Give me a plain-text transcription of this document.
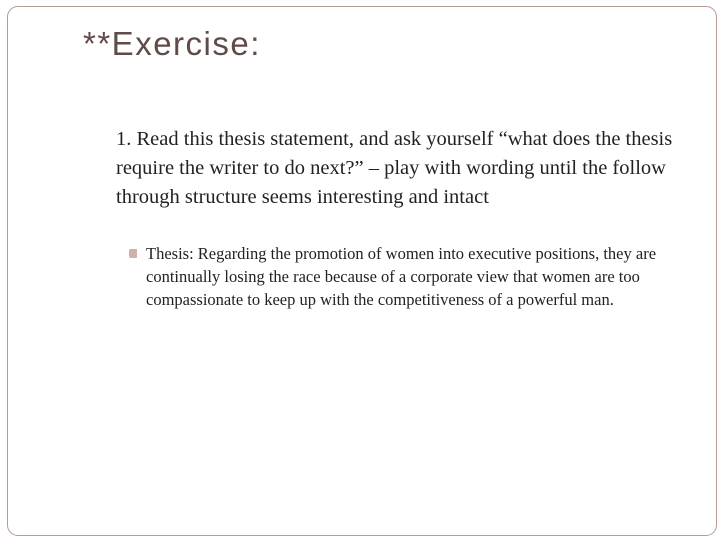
**Exercise:
1. Read this thesis statement, and ask yourself “what does the thesis require the writer to do next?” – play with wording until the follow through structure seems interesting and intact
Thesis: Regarding the promotion of women into executive positions, they are continually losing the race because of a corporate view that women are too compassionate to keep up with the competitiveness of a powerful man.
